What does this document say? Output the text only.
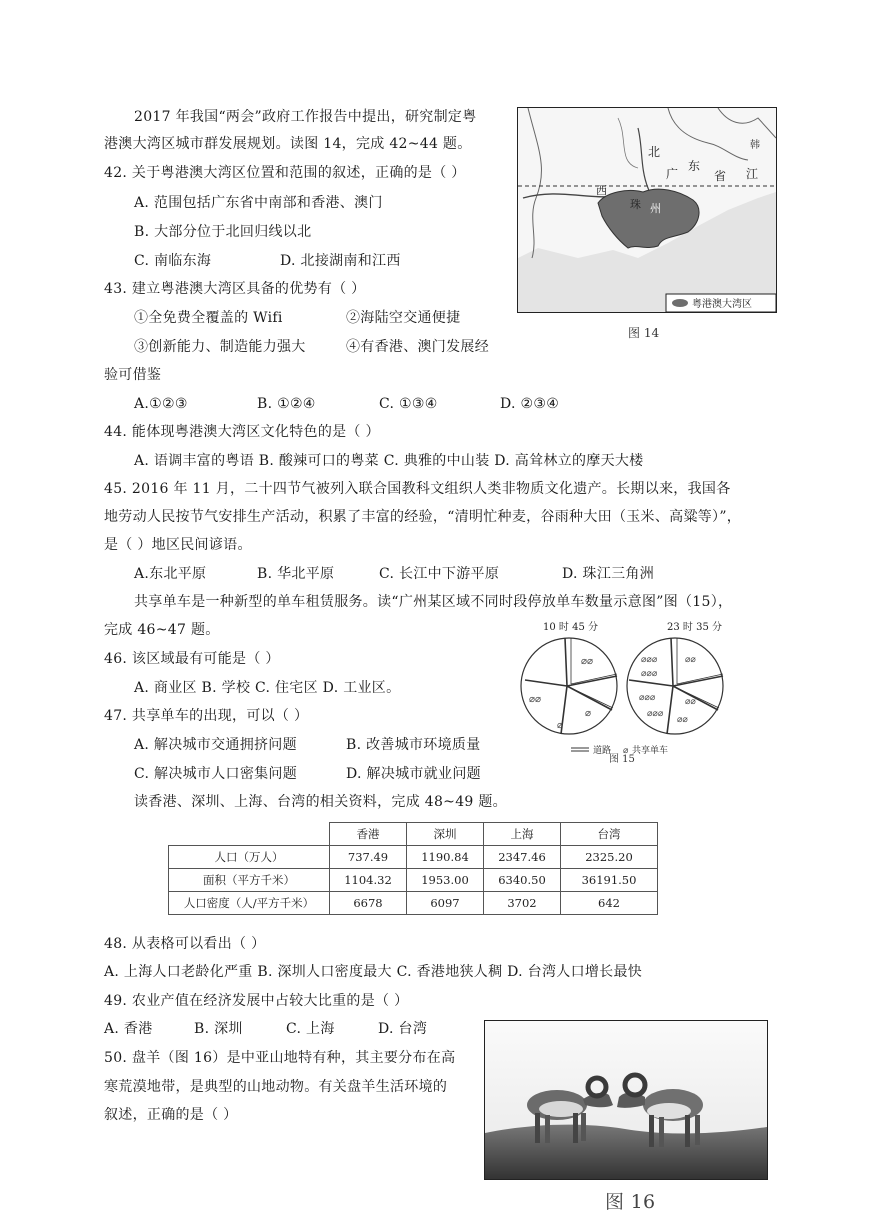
2017 年我国“两会”政府工作报告中提出，研究制定粤
港澳大湾区城市群发展规划。读图 14，完成 42~44 题。
42. 关于粤港澳大湾区位置和范围的叙述，正确的是（ ）
A. 范围包括广东省中南部和香港、澳门
B. 大部分位于北回归线以北
C. 南临东海	D. 北接湖南和江西
43. 建立粤港澳大湾区具备的优势有（ ）
①全免费全覆盖的 Wifi	②海陆空交通便捷
③创新能力、制造能力强大	④有香港、澳门发展经
验可借鉴
A.①②③	B. ①②④	C. ①③④	D. ②③④
北
广
东
省
韩
江
西
珠 州
粤港澳大湾区
图 14
44. 能体现粤港澳大湾区文化特色的是（ ）
A. 语调丰富的粤语 B. 酸辣可口的粤菜 C. 典雅的中山装 D. 高耸林立的摩天大楼
45. 2016 年 11 月，二十四节气被列入联合国教科文组织人类非物质文化遗产。长期以来，我国各
地劳动人民按节气安排生产活动，积累了丰富的经验，“清明忙种麦，谷雨种大田（玉米、高粱等）”，
是（ ）地区民间谚语。
A.东北平原	B. 华北平原	C. 长江中下游平原	D. 珠江三角洲
共享单车是一种新型的单车租赁服务。读“广州某区域不同时段停放单车数量示意图”图（15），
完成 46~47 题。	10 时 45 分	23 时 35 分
⌀⌀
⌀⌀
⌀
⌀
⌀⌀⌀
⌀⌀⌀
⌀⌀
⌀⌀⌀
⌀⌀⌀
⌀⌀
⌀⌀
道路 ⌀ 共享单车
图 15
46. 该区域最有可能是（ ）
A. 商业区 B. 学校 C. 住宅区 D. 工业区。
47. 共享单车的出现，可以（ ）
A. 解决城市交通拥挤问题	B. 改善城市环境质量
C. 解决城市人口密集问题	D. 解决城市就业问题
读香港、深圳、上海、台湾的相关资料，完成 48~49 题。
	香港	深圳	上海	台湾
人口（万人）	737.49	1190.84	2347.46	2325.20
面积（平方千米）	1104.32	1953.00	6340.50	36191.50
人口密度（人/平方千米）	6678	6097	3702	642
48. 从表格可以看出（ ）
A. 上海人口老龄化严重 B. 深圳人口密度最大 C. 香港地狭人稠 D. 台湾人口增长最快
49. 农业产值在经济发展中占较大比重的是（ ）
A. 香港	B. 深圳	C. 上海	D. 台湾
50. 盘羊（图 16）是中亚山地特有种，其主要分布在高
寒荒漠地带，是典型的山地动物。有关盘羊生活环境的
叙述，正确的是（ ）
图 16
